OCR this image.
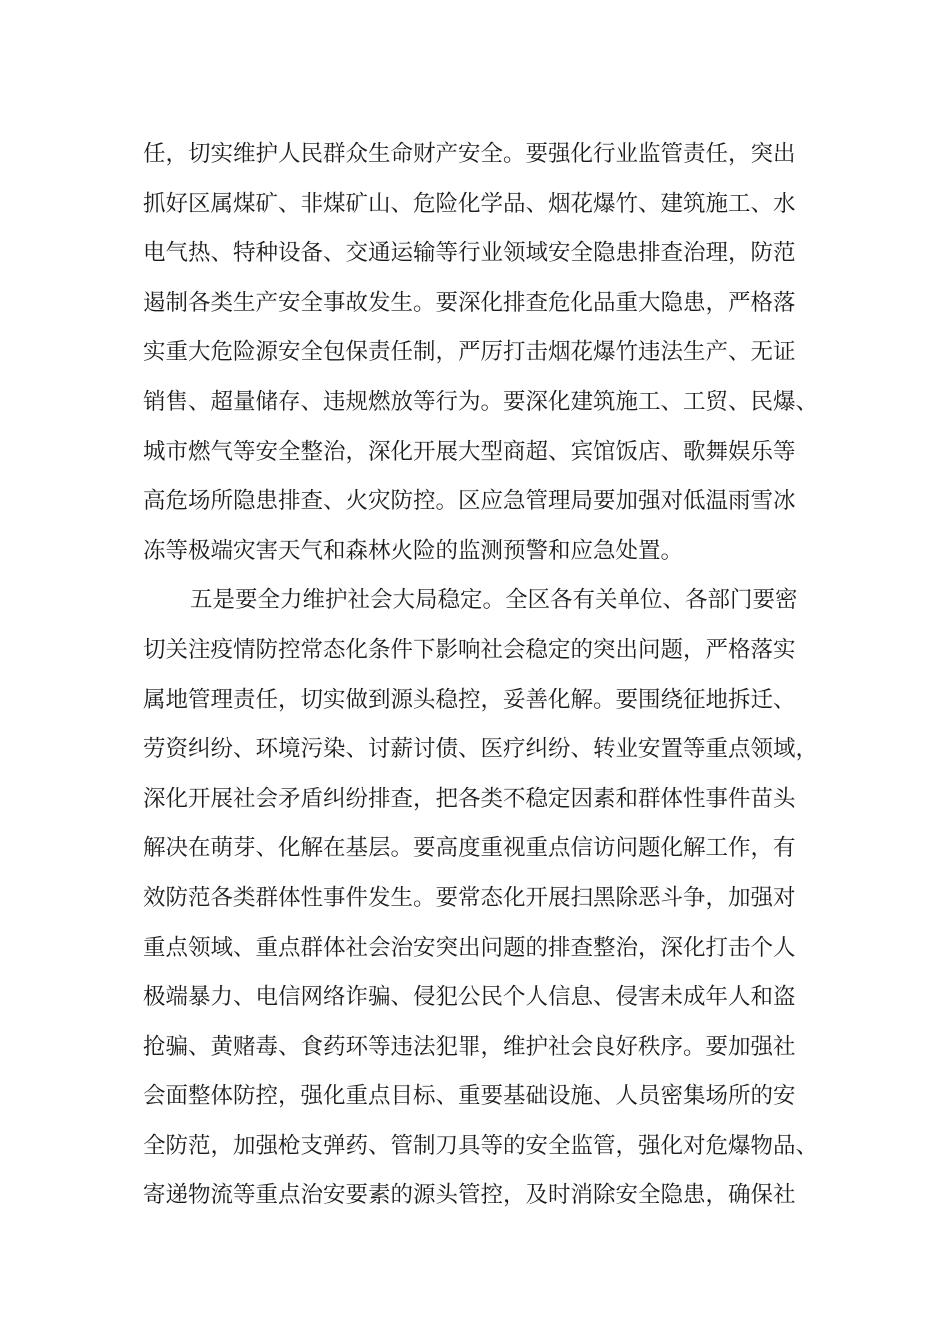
任，切实维护人民群众生命财产安全。要强化行业监管责任，突出
抓好区属煤矿、非煤矿山、危险化学品、烟花爆竹、建筑施工、水
电气热、特种设备、交通运输等行业领域安全隐患排查治理，防范
遏制各类生产安全事故发生。要深化排查危化品重大隐患，严格落
实重大危险源安全包保责任制，严厉打击烟花爆竹违法生产、无证
销售、超量储存、违规燃放等行为。要深化建筑施工、工贸、民爆、
城市燃气等安全整治，深化开展大型商超、宾馆饭店、歌舞娱乐等
高危场所隐患排查、火灾防控。区应急管理局要加强对低温雨雪冰
冻等极端灾害天气和森林火险的监测预警和应急处置。
五是要全力维护社会大局稳定。全区各有关单位、各部门要密
切关注疫情防控常态化条件下影响社会稳定的突出问题，严格落实
属地管理责任，切实做到源头稳控，妥善化解。要围绕征地拆迁、
劳资纠纷、环境污染、讨薪讨债、医疗纠纷、转业安置等重点领域，
深化开展社会矛盾纠纷排查，把各类不稳定因素和群体性事件苗头
解决在萌芽、化解在基层。要高度重视重点信访问题化解工作，有
效防范各类群体性事件发生。要常态化开展扫黑除恶斗争，加强对
重点领域、重点群体社会治安突出问题的排查整治，深化打击个人
极端暴力、电信网络诈骗、侵犯公民个人信息、侵害未成年人和盗
抢骗、黄赌毒、食药环等违法犯罪，维护社会良好秩序。要加强社
会面整体防控，强化重点目标、重要基础设施、人员密集场所的安
全防范，加强枪支弹药、管制刀具等的安全监管，强化对危爆物品、
寄递物流等重点治安要素的源头管控，及时消除安全隐患，确保社
